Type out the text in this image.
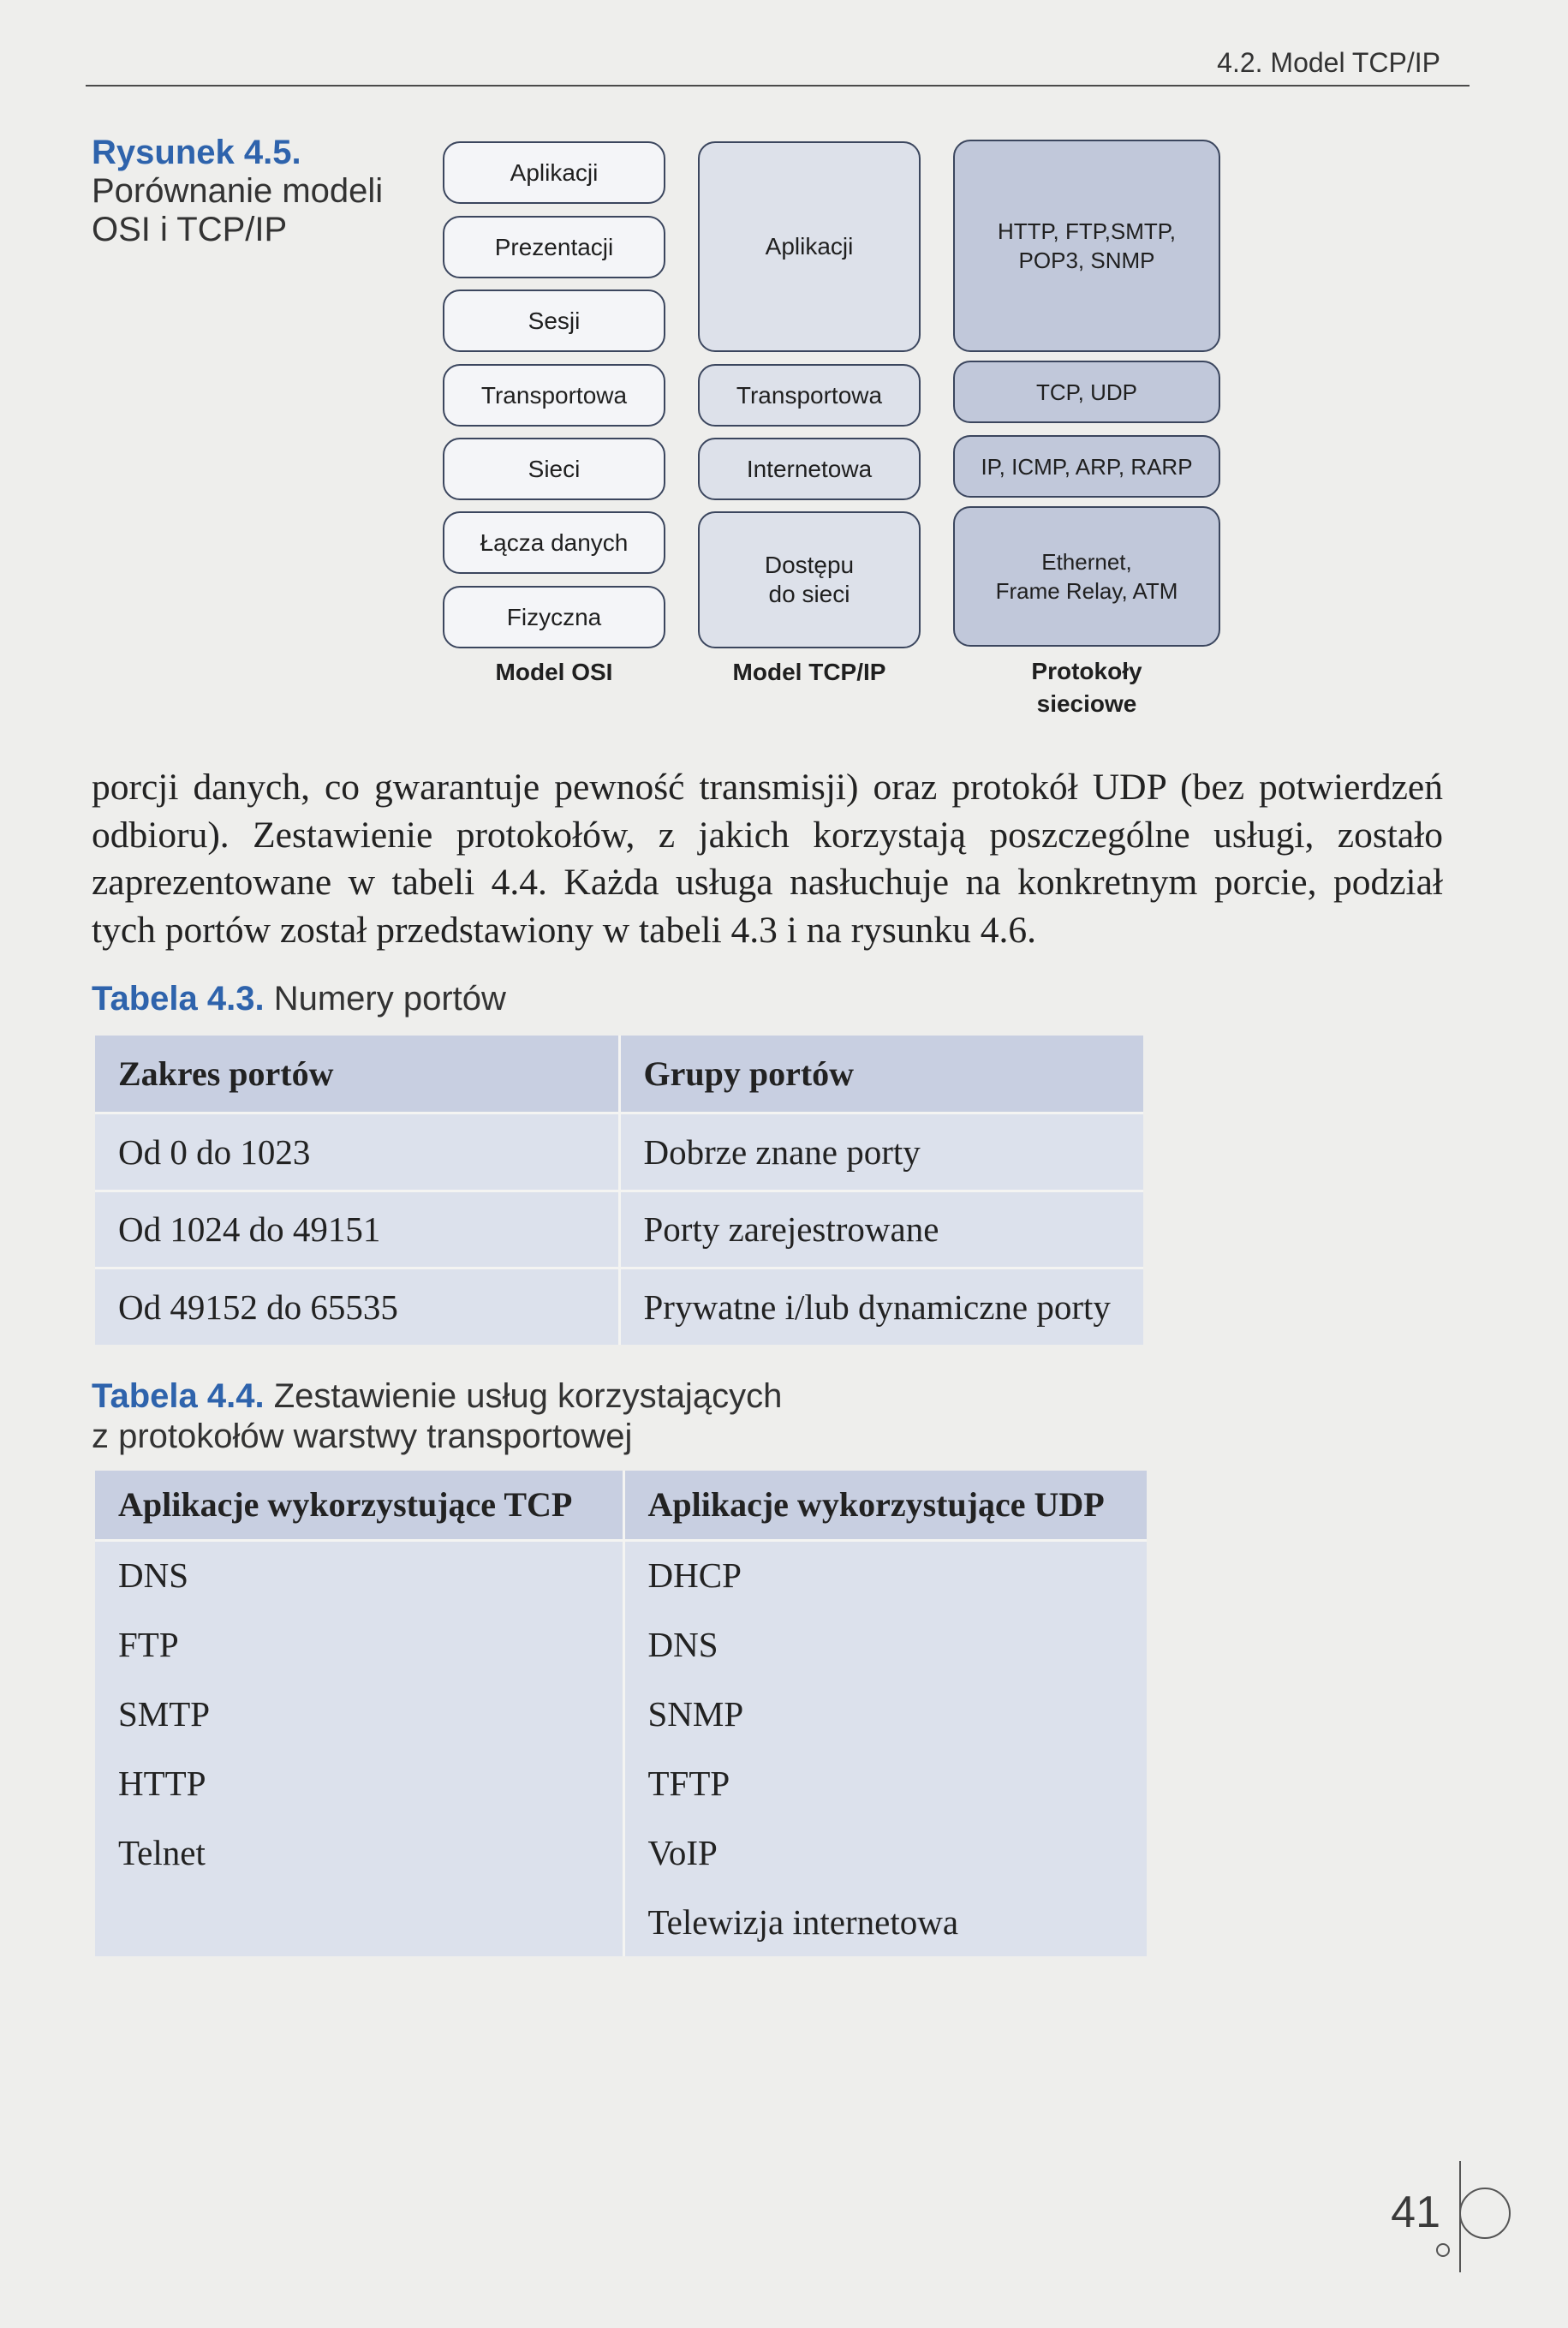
4.2. Model TCP/IP
Rysunek 4.5.
Porównanie modeli
OSI i TCP/IP
Aplikacji
Prezentacji
Sesji
Transportowa
Sieci
Łącza danych
Fizyczna
Model OSI
Aplikacji
Transportowa
Internetowa
Dostępu
do sieci
Model TCP/IP
HTTP, FTP,SMTP,
POP3, SNMP
TCP, UDP
IP, ICMP, ARP, RARP
Ethernet,
Frame Relay, ATM
Protokoły
sieciowe
porcji danych, co gwarantuje pewność transmisji) oraz protokół UDP (bez potwierdzeń
odbioru). Zestawienie protokołów, z jakich korzystają poszczególne usługi, zostało
zaprezentowane w tabeli 4.4. Każda usługa nasłuchuje na konkretnym porcie, podział
tych portów został przedstawiony w tabeli 4.3 i na rysunku 4.6.
Tabela 4.3. Numery portów
Zakres portów	Grupy portów
Od 0 do 1023	Dobrze znane porty
Od 1024 do 49151	Porty zarejestrowane
Od 49152 do 65535	Prywatne i/lub dynamiczne porty
Tabela 4.4. Zestawienie usług korzystających
z protokołów warstwy transportowej
Aplikacje wykorzystujące TCP	Aplikacje wykorzystujące UDP
DNS	DHCP
FTP	DNS
SMTP	SNMP
HTTP	TFTP
Telnet	VoIP
	Telewizja internetowa
41
